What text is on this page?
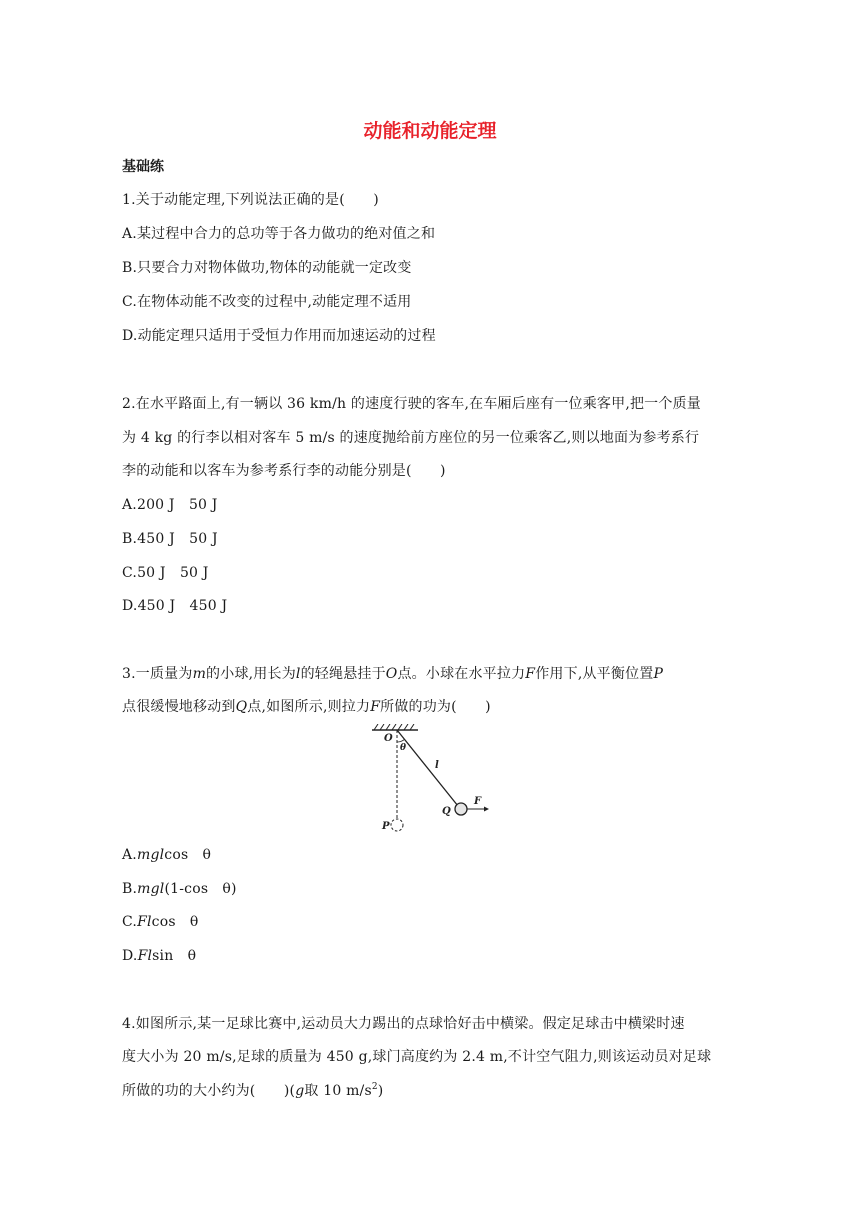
动能和动能定理
基础练
1.关于动能定理,下列说法正确的是(　　)
A.某过程中合力的总功等于各力做功的绝对值之和
B.只要合力对物体做功,物体的动能就一定改变
C.在物体动能不改变的过程中,动能定理不适用
D.动能定理只适用于受恒力作用而加速运动的过程
2.在水平路面上,有一辆以 36 km/h 的速度行驶的客车,在车厢后座有一位乘客甲,把一个质量
为 4 kg 的行李以相对客车 5 m/s 的速度抛给前方座位的另一位乘客乙,则以地面为参考系行
李的动能和以客车为参考系行李的动能分别是(　　)
A.200 J　50 J
B.450 J　50 J
C.50 J　50 J
D.450 J　450 J
3.一质量为m的小球,用长为l的轻绳悬挂于O点。小球在水平拉力F作用下,从平衡位置P
点很缓慢地移动到Q点,如图所示,则拉力F所做的功为(　　)
O
θ
l
Q
F
P
A.mglcos　θ
B.mgl(1-cos　θ)
C.Flcos　θ
D.Flsin　θ
4.如图所示,某一足球比赛中,运动员大力踢出的点球恰好击中横梁。假定足球击中横梁时速
度大小为 20 m/s,足球的质量为 450 g,球门高度约为 2.4 m,不计空气阻力,则该运动员对足球
所做的功的大小约为(　　)(g取 10 $m/s^2$)
